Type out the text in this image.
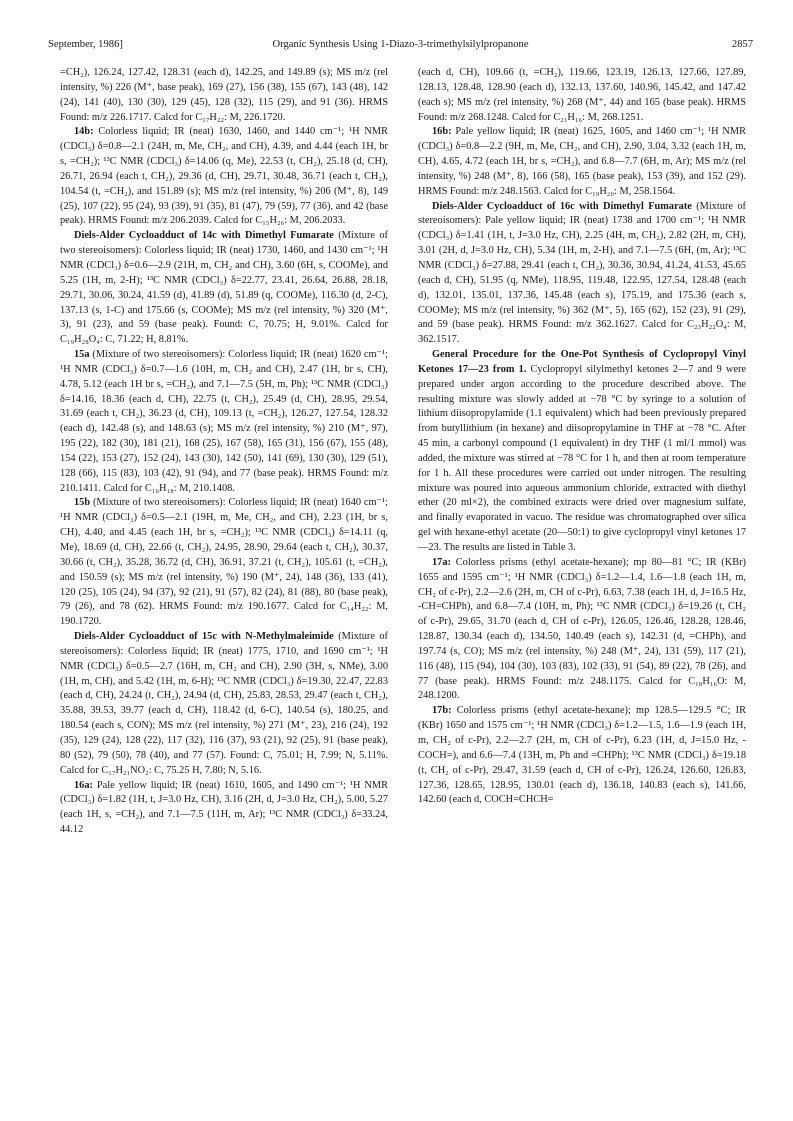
September, 1986]	Organic Synthesis Using 1-Diazo-3-trimethylsilylpropanone	2857

=CH₂), 126.24, 127.42, 128.31 (each d), 142.25, and 149.89 (s); MS m/z (rel intensity, %) 226 (M⁺, base peak), 169 (27), 156 (38), 155 (67), 143 (48), 142 (24), 141 (40), 130 (30), 129 (45), 128 (32), 115 (29), and 91 (36). HRMS Found: m/z 226.1717. Calcd for C₁₇H₂₂: M, 226.1720.

14b: Colorless liquid; IR (neat) 1630, 1460, and 1440 cm⁻¹; ¹H NMR (CDCl₃) δ=0.8—2.1 (24H, m, Me, CH₂, and CH), 4.39, and 4.44 (each 1H, br s, =CH₂); ¹³C NMR (CDCl₃) δ=14.06 (q, Me), 22.53 (t, CH₂), 25.18 (d, CH), 26.71, 26.94 (each t, CH₂), 29.36 (d, CH), 29.71, 30.48, 36.71 (each t, CH₂), 104.54 (t, =CH₂), and 151.89 (s); MS m/z (rel intensity, %) 206 (M⁺, 8), 149 (25), 107 (22), 95 (24), 93 (39), 91 (35), 81 (47), 79 (59), 77 (36), and 42 (base peak). HRMS Found: m/z 206.2039. Calcd for C₁₅H₂₆: M, 206.2033.

Diels-Alder Cycloadduct of 14c with Dimethyl Fumarate (Mixture of two stereoisomers): Colorless liquid; IR (neat) 1730, 1460, and 1430 cm⁻¹; ¹H NMR (CDCl₃) δ=0.6—2.9 (21H, m, CH₂ and CH), 3.60 (6H, s, COOMe), and 5.25 (1H, m, 2-H); ¹³C NMR (CDCl₃) δ=22.77, 23.41, 26.64, 26.88, 28.18, 29.71, 30.06, 30.24, 41.59 (d), 41.89 (d), 51.89 (q, COOMe), 116.30 (d, 2-C), 137.13 (s, 1-C) and 175.66 (s, COOMe); MS m/z (rel intensity, %) 320 (M⁺, 3), 91 (23), and 59 (base peak). Found: C, 70.75; H, 9.01%. Calcd for C₁₉H₂₈O₄: C, 71.22; H, 8.81%.

15a (Mixture of two stereoisomers): Colorless liquid; IR (neat) 1620 cm⁻¹; ¹H NMR (CDCl₃) δ=0.7—1.6 (10H, m, CH₂ and CH), 2.47 (1H, br s, CH), 4.78, 5.12 (each 1H br s, =CH₂), and 7.1—7.5 (5H, m, Ph); ¹³C NMR (CDCl₃) δ=14.16, 18.36 (each d, CH), 22.75 (t, CH₂), 25.49 (d, CH), 28.95, 29.54, 31.69 (each t, CH₂), 36.23 (d, CH), 109.13 (t, =CH₂), 126.27, 127.54, 128.32 (each d), 142.48 (s), and 148.63 (s); MS m/z (rel intensity, %) 210 (M⁺, 97), 195 (22), 182 (30), 181 (21), 168 (25), 167 (58), 165 (31), 156 (67), 155 (48), 154 (22), 153 (27), 152 (24), 143 (30), 142 (50), 141 (69), 130 (30), 129 (51), 128 (66), 115 (83), 103 (42), 91 (94), and 77 (base peak). HRMS Found: m/z 210.1411. Calcd for C₁₆H₁₈: M, 210.1408.

15b (Mixture of two stereoisomers): Colorless liquid; IR (neat) 1640 cm⁻¹; ¹H NMR (CDCl₃) δ=0.5—2.1 (19H, m, Me, CH₂, and CH), 2.23 (1H, br s, CH), 4.40, and 4.45 (each 1H, br s, =CH₂); ¹³C NMR (CDCl₃) δ=14.11 (q, Me), 18.69 (d, CH), 22.66 (t, CH₂), 24.95, 28.90, 29.64 (each t, CH₂), 30.37, 30.66 (t, CH₂), 35.28, 36.72 (d, CH), 36.91, 37.21 (t, CH₂), 105.61 (t, =CH₂), and 150.59 (s); MS m/z (rel intensity, %) 190 (M⁺, 24), 148 (36), 133 (41), 120 (25), 105 (24), 94 (37), 92 (21), 91 (57), 82 (24), 81 (88), 80 (base peak), 79 (26), and 78 (62). HRMS Found: m/z 190.1677. Calcd for C₁₄H₂₂: M, 190.1720.

Diels-Alder Cycloadduct of 15c with N-Methylmaleimide (Mixture of stereoisomers): Colorless liquid; IR (neat) 1775, 1710, and 1690 cm⁻¹; ¹H NMR (CDCl₃) δ=0.5—2.7 (16H, m, CH₂ and CH), 2.90 (3H, s, NMe), 3.00 (1H, m, CH), and 5.42 (1H, m, 6-H); ¹³C NMR (CDCl₃) δ=19.30, 22.47, 22.83 (each d, CH), 24.24 (t, CH₂), 24.94 (d, CH), 25.83, 28.53, 29.47 (each t, CH₂), 35.88, 39.53, 39.77 (each d, CH), 118.42 (d, 6-C), 140.54 (s), 180.25, and 180.54 (each s, CON); MS m/z (rel intensity, %) 271 (M⁺, 23), 216 (24), 192 (35), 129 (24), 128 (22), 117 (32), 116 (37), 93 (21), 92 (25), 91 (base peak), 80 (52), 79 (50), 78 (40), and 77 (57). Found: C, 75.01; H, 7.99; N, 5.11%. Calcd for C₁₇H₂₁NO₂: C, 75.25 H, 7.80; N, 5.16.

16a: Pale yellow liquid; IR (neat) 1610, 1605, and 1490 cm⁻¹; ¹H NMR (CDCl₃) δ=1.82 (1H, t, J=3.0 Hz, CH), 3.16 (2H, d, J=3.0 Hz, CH₂), 5.00, 5.27 (each 1H, s, =CH₂), and 7.1—7.5 (11H, m, Ar); ¹³C NMR (CDCl₃) δ=33.24, 44.12

(each d, CH), 109.66 (t, =CH₂), 119.66, 123.19, 126.13, 127.66, 127.89, 128.13, 128.48, 128.90 (each d), 132.13, 137.60, 140.96, 145.42, and 147.42 (each s); MS m/z (rel intensity, %) 268 (M⁺, 44) and 165 (base peak). HRMS Found: m/z 268.1248. Calcd for C₂₁H₁₆: M, 268.1251.

16b: Pale yellow liquid; IR (neat) 1625, 1605, and 1460 cm⁻¹; ¹H NMR (CDCl₃) δ=0.8—2.2 (9H, m, Me, CH₂, and CH), 2.90, 3.04, 3.32 (each 1H, m, CH), 4.65, 4.72 (each 1H, br s, =CH₂), and 6.8—7.7 (6H, m, Ar); MS m/z (rel intensity, %) 248 (M⁺, 8), 166 (58), 165 (base peak), 153 (39), and 152 (29). HRMS Found: m/z 248.1563. Calcd for C₁₉H₂₀: M, 258.1564.

Diels-Alder Cycloadduct of 16c with Dimethyl Fumarate (Mixture of stereoisomers): Pale yellow liquid; IR (neat) 1738 and 1700 cm⁻¹; ¹H NMR (CDCl₃) δ=1.41 (1H, t, J=3.0 Hz, CH), 2.25 (4H, m, CH₂), 2.82 (2H, m, CH), 3.01 (2H, d, J=3.0 Hz, CH), 5.34 (1H, m, 2-H), and 7.1—7.5 (6H, (m, Ar); ¹³C NMR (CDCl₃) δ=27.88, 29.41 (each t, CH₂), 30.36, 30.94, 41.24, 41.53, 45.65 (each d, CH), 51.95 (q, NMe), 118.95, 119.48, 122.95, 127.54, 128.48 (each d), 132.01, 135.01, 137.36, 145.48 (each s), 175.19, and 175.36 (each s, COOMe); MS m/z (rel intensity, %) 362 (M⁺, 5), 165 (62), 152 (23), 91 (29), and 59 (base peak). HRMS Found: m/z 362.1627. Calcd for C₂₃H₂₂O₄: M, 362.1517.

General Procedure for the One-Pot Synthesis of Cyclopropyl Vinyl Ketones 17—23 from 1. Cyclopropyl silylmethyl ketones 2—7 and 9 were prepared under argon according to the procedure described above. The resulting mixture was slowly added at −78 °C by syringe to a solution of lithium diisopropylamide (1.1 equivalent) which had been previously prepared from butyllithium (in hexane) and diisopropylamine in THF at −78 °C. After 45 min, a carbonyl compound (1 equivalent) in dry THF (1 ml/1 mmol) was added, the mixture was stirred at −78 °C for 1 h, and then at room temperature for 1 h. All these procedures were carried out under nitrogen. The resulting mixture was poured into aqueous ammonium chloride, extracted with diethyl ether (20 ml×2), the combined extracts were dried over magnesium sulfate, and finally evaporated in vacuo. The residue was chromatographed over silica gel with hexane-ethyl acetate (20—50:1) to give cyclopropyl vinyl ketones 17—23. The results are listed in Table 3.

17a: Colorless prisms (ethyl acetate-hexane); mp 80—81 °C; IR (KBr) 1655 and 1595 cm⁻¹; ¹H NMR (CDCl₃) δ=1.2—1.4, 1.6—1.8 (each 1H, m, CH₂ of c-Pr), 2.2—2.6 (2H, m, CH of c-Pr), 6.63, 7.38 (each 1H, d, J=16.5 Hz, -CH=CHPh), and 6.8—7.4 (10H, m, Ph); ¹³C NMR (CDCl₃) δ=19.26 (t, CH₂ of c-Pr), 29.65, 31.70 (each d, CH of c-Pr), 126.05, 126.46, 128.28, 128.46, 128.87, 130.34 (each d), 134.50, 140.49 (each s), 142.31 (d, =CHPh), and 197.74 (s, CO); MS m/z (rel intensity, %) 248 (M⁺, 24), 131 (59), 117 (21), 116 (48), 115 (94), 104 (30), 103 (83), 102 (33), 91 (54), 89 (22), 78 (26), and 77 (base peak). HRMS Found: m/z 248.1175. Calcd for C₁₈H₁₆O: M, 248.1200.

17b: Colorless prisms (ethyl acetate-hexane); mp 128.5—129.5 °C; IR (KBr) 1650 and 1575 cm⁻¹; ¹H NMR (CDCl₃) δ=1.2—1.5, 1.6—1.9 (each 1H, m, CH₂ of c-Pr), 2.2—2.7 (2H, m, CH of c-Pr), 6.23 (1H, d, J=15.0 Hz, -COCH=), and 6.6—7.4 (13H, m, Ph and =CHPh); ¹³C NMR (CDCl₃) δ=19.18 (t, CH₂ of c-Pr), 29.47, 31.59 (each d, CH of c-Pr), 126.24, 126.60, 126.83, 127.36, 128.65, 128.95, 130.01 (each d), 136.18, 140.83 (each s), 141.66, 142.60 (each d, COCH=CHCH=
